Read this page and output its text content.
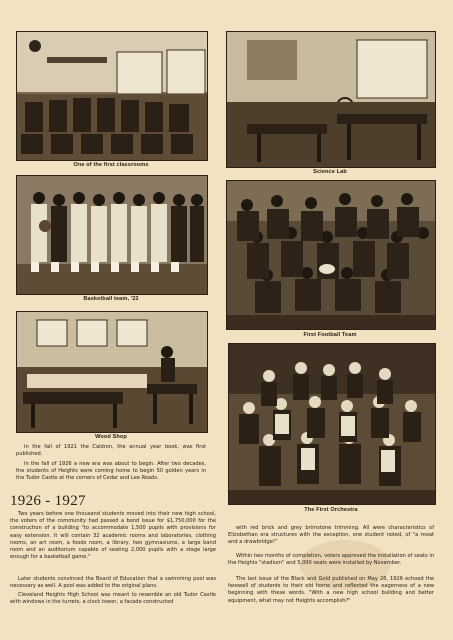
One of the first classrooms
Science Lab
Basketball team, '22
First Football Team
Wood Shop
The First Orchestra

In the fall of 1921 the Caldron, the annual year book, was first published.

In the fall of 1926 a new era was about to begin. After two decades, the students of Heights were coming home to begin 50 golden years in the Tudor Castle at the corners of Cedar and Lee Roads.

1926 - 1927

Two years before one thousand students moved into their new high school, the voters of the community had passed a bond issue for $1,750,000 for the construction of a building "to accommodate 1,500 pupils with provisions for easy extension. It will contain 32 academic rooms and laboratories, clothing rooms, an art room, a foods room, a library, two gymnasiums, a large band room and an auditorium capable of seating 2,000 pupils with a stage large enough for a basketball game."

Later students convinced the Board of Education that a swimming pool was necessary as well. A pool was added to the original plans.

Cleveland Heights High School was meant to resemble an old Tudor Castle with windows in the turrets, a clock tower, a facade constructed

with red brick and grey brimstone trimming. All were characteristics of Elizobethan era structures with the exception, one student noted, of "a moat and a drawbridge!"

Within two months of completion, voters approved the installation of seats in the Heights "stadium" and 5,000 seats were installed by November.

The last issue of the Black and Gold published on May 28, 1926 echoed the farewell of students to their old home and reflected the eagerness of a new beginning with these words. "With a new high school building and better equipment, what may not Heights accomplish?"
